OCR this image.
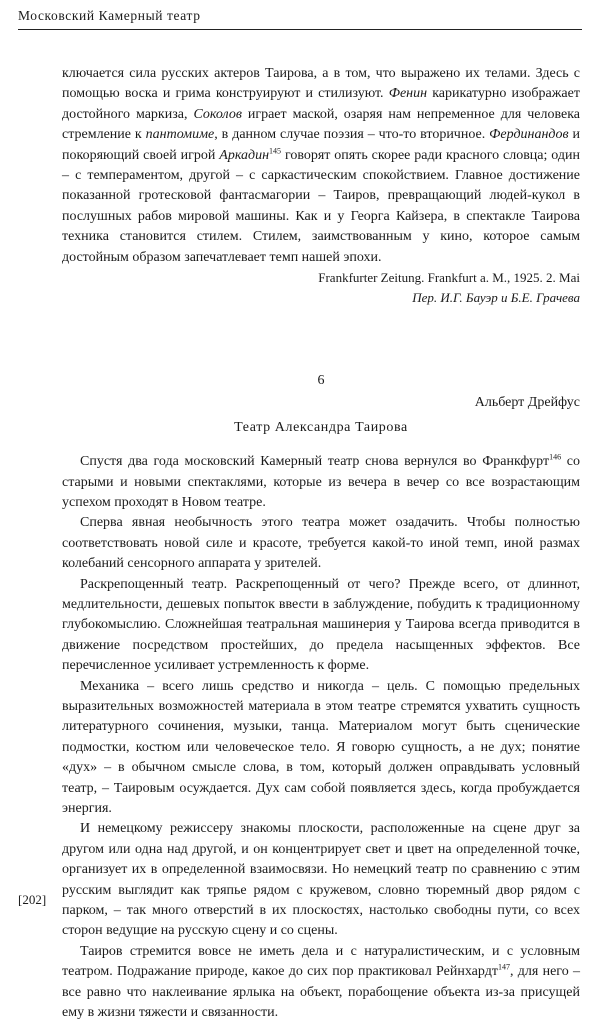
Московский Камерный театр

ключается сила русских актеров Таирова, а в том, что выражено их телами. Здесь с помощью воска и грима конструируют и стилизуют. Фенин карикатурно изображает достойного маркиза, Соколов играет маской, озаряя нам непременное для человека стремление к пантомиме, в данном случае поэзия – что-то вторичное. Фердинандов и покоряющий своей игрой Аркадин$^{145}$ говорят опять скорее ради красного словца; один – с темпераментом, другой – с саркастическим спокойствием. Главное достижение показанной гротесковой фантасмагории – Таиров, превращающий людей-кукол в послушных рабов мировой машины. Как и у Георга Кайзера, в спектакле Таирова техника становится стилем. Стилем, заимствованным у кино, которое самым достойным образом запечатлевает темп нашей эпохи.

Frankfurter Zeitung. Frankfurt a. M., 1925. 2. Mai

Пер. И.Г. Бауэр и Б.Е. Грачева

6

Альберт Дрейфус

Театр Александра Таирова

Спустя два года московский Камерный театр снова вернулся во Франкфурт$^{146}$ со старыми и новыми спектаклями, которые из вечера в вечер со все возрастающим успехом проходят в Новом театре.

Сперва явная необычность этого театра может озадачить. Чтобы полностью соответствовать новой силе и красоте, требуется какой-то иной темп, иной размах колебаний сенсорного аппарата у зрителей.

Раскрепощенный театр. Раскрепощенный от чего? Прежде всего, от длиннот, медлительности, дешевых попыток ввести в заблуждение, побудить к традиционному глубокомыслию. Сложнейшая театральная машинерия у Таирова всегда приводится в движение посредством простейших, до предела насыщенных эффектов. Все перечисленное усиливает устремленность к форме.

Механика – всего лишь средство и никогда – цель. С помощью предельных выразительных возможностей материала в этом театре стремятся ухватить сущность литературного сочинения, музыки, танца. Материалом могут быть сценические подмостки, костюм или человеческое тело. Я говорю сущность, а не дух; понятие «дух» – в обычном смысле слова, в том, который должен оправдывать условный театр, – Таировым осуждается. Дух сам собой появляется здесь, когда пробуждается энергия.

И немецкому режиссеру знакомы плоскости, расположенные на сцене друг за другом или одна над другой, и он концентрирует свет и цвет на определенной точке, организует их в определенной взаимосвязи. Но немецкий театр по сравнению с этим русским выглядит как тряпье рядом с кружевом, словно тюремный двор рядом с парком, – так много отверстий в их плоскостях, настолько свободны пути, со всех сторон ведущие на русскую сцену и со сцены.

Таиров стремится вовсе не иметь дела и с натуралистическим, и с условным театром. Подражание природе, какое до сих пор практиковал Рейнхардт$^{147}$, для него – все равно что наклеивание ярлыка на объект, порабощение объекта из-за присущей ему в жизни тяжести и связанности.

[202]
